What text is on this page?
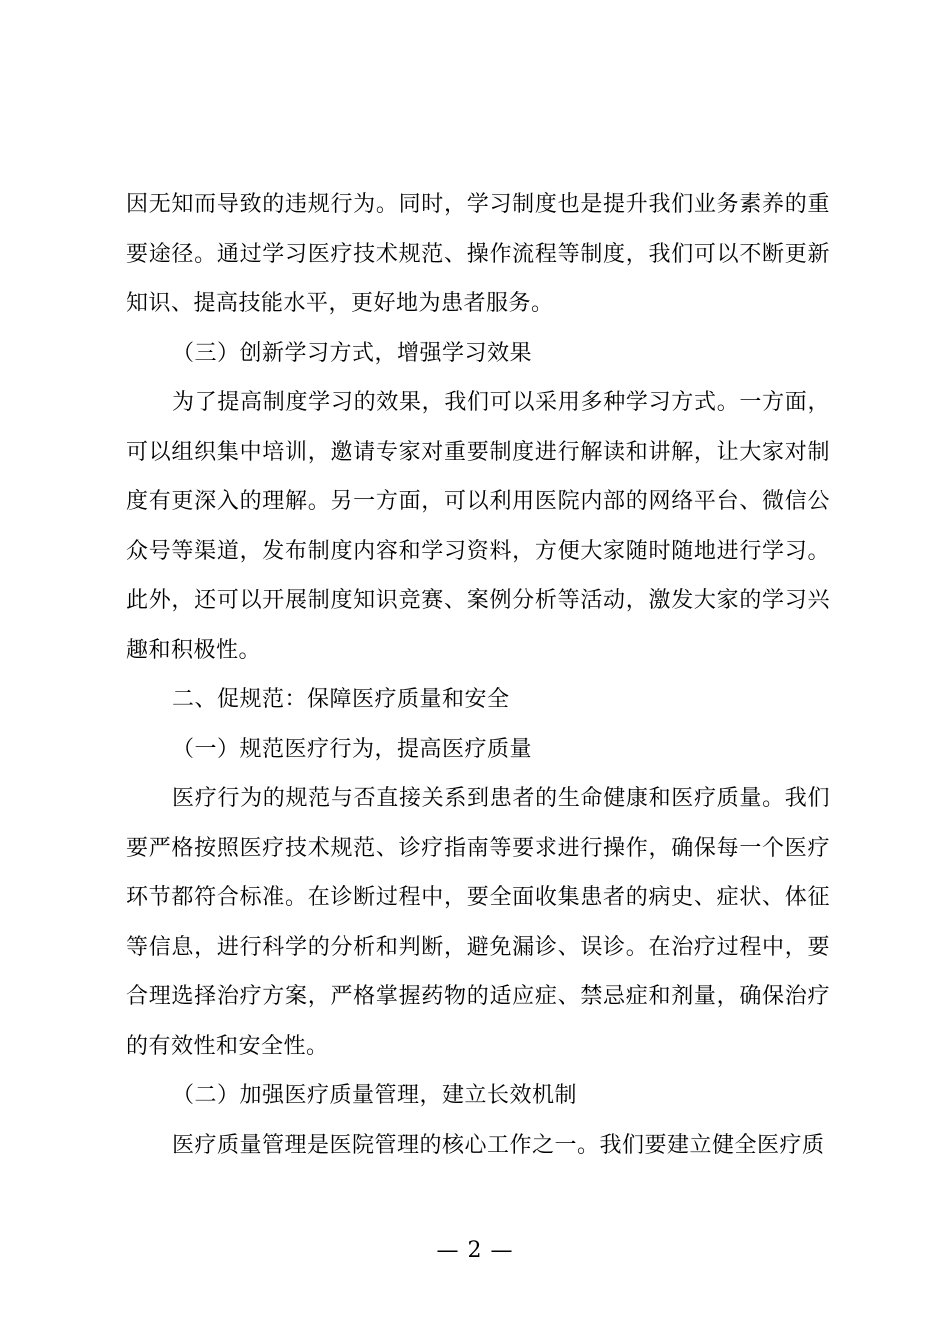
因无知而导致的违规行为。同时，学习制度也是提升我们业务素养的重要途径。通过学习医疗技术规范、操作流程等制度，我们可以不断更新知识、提高技能水平，更好地为患者服务。

（三）创新学习方式，增强学习效果

为了提高制度学习的效果，我们可以采用多种学习方式。一方面，可以组织集中培训，邀请专家对重要制度进行解读和讲解，让大家对制度有更深入的理解。另一方面，可以利用医院内部的网络平台、微信公众号等渠道，发布制度内容和学习资料，方便大家随时随地进行学习。此外，还可以开展制度知识竞赛、案例分析等活动，激发大家的学习兴趣和积极性。

二、促规范：保障医疗质量和安全

（一）规范医疗行为，提高医疗质量

医疗行为的规范与否直接关系到患者的生命健康和医疗质量。我们要严格按照医疗技术规范、诊疗指南等要求进行操作，确保每一个医疗环节都符合标准。在诊断过程中，要全面收集患者的病史、症状、体征等信息，进行科学的分析和判断，避免漏诊、误诊。在治疗过程中，要合理选择治疗方案，严格掌握药物的适应症、禁忌症和剂量，确保治疗的有效性和安全性。

（二）加强医疗质量管理，建立长效机制

医疗质量管理是医院管理的核心工作之一。我们要建立健全医疗质

— 2 —
